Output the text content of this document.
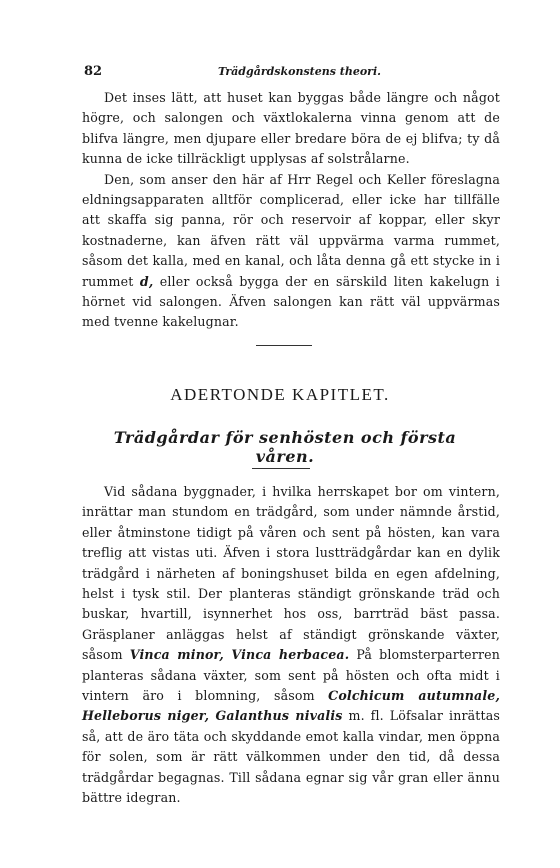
82	Trädgårdskonstens theori.

Det inses lätt, att huset kan byggas både längre och något högre, och salongen och växtlokalerna vinna genom att de blifva längre, men djupare eller bredare böra de ej blifva; ty då kunna de icke tillräckligt upplysas af solstrålarne.

Den, som anser den här af Hrr Regel och Keller föreslagna eldningsapparaten alltför complicerad, eller icke har tillfälle att skaffa sig panna, rör och reservoir af koppar, eller skyr kostnaderne, kan äfven rätt väl uppvärma varma rummet, såsom det kalla, med en kanal, och låta denna gå ett stycke in i rummet d, eller också bygga der en särskild liten kakelugn i hörnet vid salongen. Äfven salongen kan rätt väl uppvärmas med tvenne kakelugnar.

ADERTONDE KAPITLET.
Trädgårdar för senhösten och första våren.

Vid sådana byggnader, i hvilka herrskapet bor om vintern, inrättar man stundom en trädgård, som under nämnde årstid, eller åtminstone tidigt på våren och sent på hösten, kan vara treflig att vistas uti. Äfven i stora lustträdgårdar kan en dylik trädgård i närheten af boningshuset bilda en egen afdelning, helst i tysk stil. Der planteras ständigt grönskande träd och buskar, hvartill, isynnerhet hos oss, barrträd bäst passa. Gräsplaner anläggas helst af ständigt grönskande växter, såsom Vinca minor, Vinca herbacea. På blomsterparterren planteras sådana växter, som sent på hösten och ofta midt i vintern äro i blomning, såsom Colchicum autumnale, Helleborus niger, Galanthus nivalis m. fl. Löfsalar inrättas så, att de äro täta och skyddande emot kalla vindar, men öppna för solen, som är rätt välkommen under den tid, då dessa trädgårdar begagnas. Till sådana egnar sig vår gran eller ännu bättre idegran.
